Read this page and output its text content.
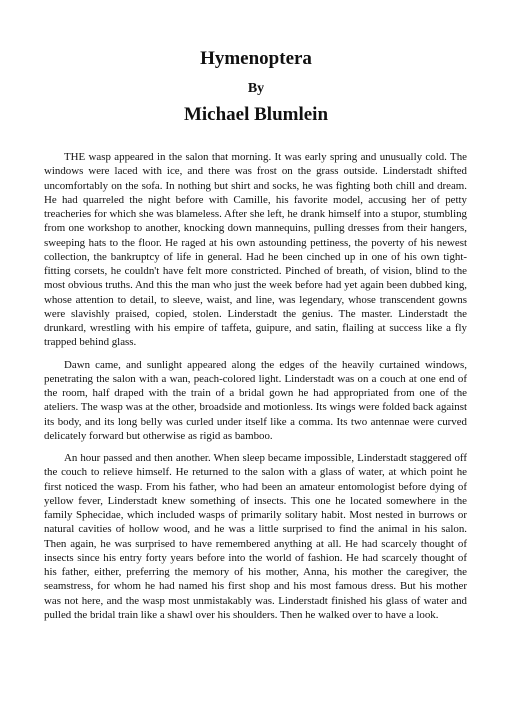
Hymenoptera
By
Michael Blumlein

THE wasp appeared in the salon that morning. It was early spring and unusually cold. The windows were laced with ice, and there was frost on the grass outside. Linderstadt shifted uncomfortably on the sofa. In nothing but shirt and socks, he was fighting both chill and dream. He had quarreled the night before with Camille, his favorite model, accusing her of petty treacheries for which she was blameless. After she left, he drank himself into a stupor, stumbling from one workshop to another, knocking down mannequins, pulling dresses from their hangers, sweeping hats to the floor. He raged at his own astounding pettiness, the poverty of his newest collection, the bankruptcy of life in general. Had he been cinched up in one of his own tight-fitting corsets, he couldn't have felt more constricted. Pinched of breath, of vision, blind to the most obvious truths. And this the man who just the week before had yet again been dubbed king, whose attention to detail, to sleeve, waist, and line, was legendary, whose transcendent gowns were slavishly praised, copied, stolen. Linderstadt the genius. The master. Linderstadt the drunkard, wrestling with his empire of taffeta, guipure, and satin, flailing at success like a fly trapped behind glass.

Dawn came, and sunlight appeared along the edges of the heavily curtained windows, penetrating the salon with a wan, peach-colored light. Linderstadt was on a couch at one end of the room, half draped with the train of a bridal gown he had appropriated from one of the ateliers. The wasp was at the other, broadside and motionless. Its wings were folded back against its body, and its long belly was curled under itself like a comma. Its two antennae were curved delicately forward but otherwise as rigid as bamboo.

An hour passed and then another. When sleep became impossible, Linderstadt staggered off the couch to relieve himself. He returned to the salon with a glass of water, at which point he first noticed the wasp. From his father, who had been an amateur entomologist before dying of yellow fever, Linderstadt knew something of insects. This one he located somewhere in the family Sphecidae, which included wasps of primarily solitary habit. Most nested in burrows or natural cavities of hollow wood, and he was a little surprised to find the animal in his salon. Then again, he was surprised to have remembered anything at all. He had scarcely thought of insects since his entry forty years before into the world of fashion. He had scarcely thought of his father, either, preferring the memory of his mother, Anna, his mother the caregiver, the seamstress, for whom he had named his first shop and his most famous dress. But his mother was not here, and the wasp most unmistakably was. Linderstadt finished his glass of water and pulled the bridal train like a shawl over his shoulders. Then he walked over to have a look.
